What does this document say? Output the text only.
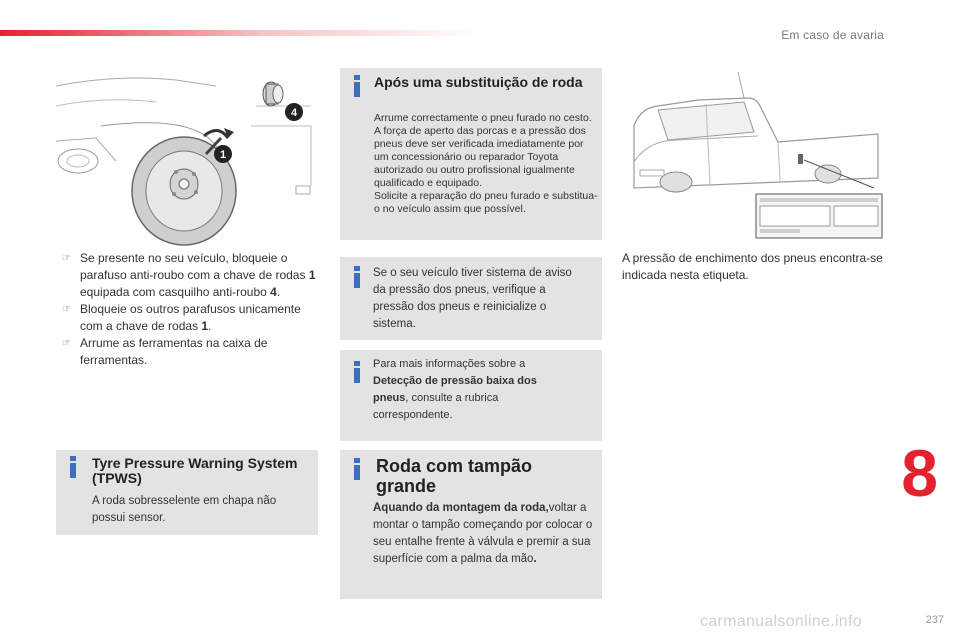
Em caso de avaria
1
4
☞ Se presente no seu veículo, bloqueie o parafuso anti-roubo com a chave de rodas 1 equipada com casquilho anti-roubo 4.
☞ Bloqueie os outros parafusos unicamente com a chave de rodas 1.
☞ Arrume as ferramentas na caixa de ferramentas.
Tyre Pressure Warning System (TPWS)
A roda sobresselente em chapa não possui sensor.
Após uma substituição de roda
Arrume correctamente o pneu furado no cesto.
A força de aperto das porcas e a pressão dos pneus deve ser verificada imediatamente por um concessionário ou reparador Toyota autorizado ou outro profissional igualmente qualificado e equipado.
Solicite a reparação do pneu furado e substitua-o no veículo assim que possível.
Se o seu veículo tiver sistema de aviso da pressão dos pneus, verifique a pressão dos pneus e reinicialize o sistema.
Para mais informações sobre a Detecção de pressão baixa dos pneus, consulte a rubrica correspondente.
Roda com tampão grande
Aquando da montagem da roda,voltar a montar o tampão começando por colocar o seu entalhe frente à válvula e premir a sua superfície com a palma da mão.
A pressão de enchimento dos pneus encontra-se indicada nesta etiqueta.
8
carmanualsonline.info	237
